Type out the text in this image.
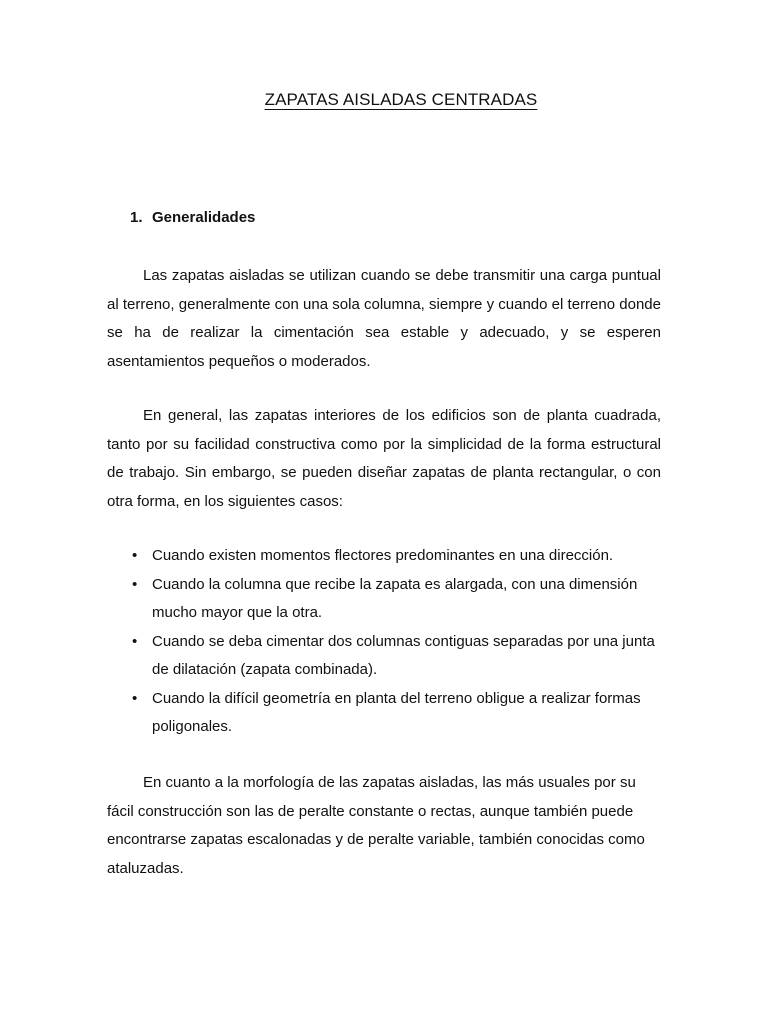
ZAPATAS AISLADAS CENTRADAS
1. Generalidades

Las zapatas aisladas se utilizan cuando se debe transmitir una carga puntual al terreno, generalmente con una sola columna, siempre y cuando el terreno donde se ha de realizar la cimentación sea estable y adecuado, y se esperen asentamientos pequeños o moderados.

En general, las zapatas interiores de los edificios son de planta cuadrada, tanto por su facilidad constructiva como por la simplicidad de la forma estructural de trabajo. Sin embargo, se pueden diseñar zapatas de planta rectangular, o con otra forma, en los siguientes casos:

• Cuando existen momentos flectores predominantes en una dirección.
• Cuando la columna que recibe la zapata es alargada, con una dimensión mucho mayor que la otra.
• Cuando se deba cimentar dos columnas contiguas separadas por una junta de dilatación (zapata combinada).
• Cuando la difícil geometría en planta del terreno obligue a realizar formas poligonales.

En cuanto a la morfología de las zapatas aisladas, las más usuales por su fácil construcción son las de peralte constante o rectas, aunque también puede encontrarse zapatas escalonadas y de peralte variable, también conocidas como ataluzadas.
